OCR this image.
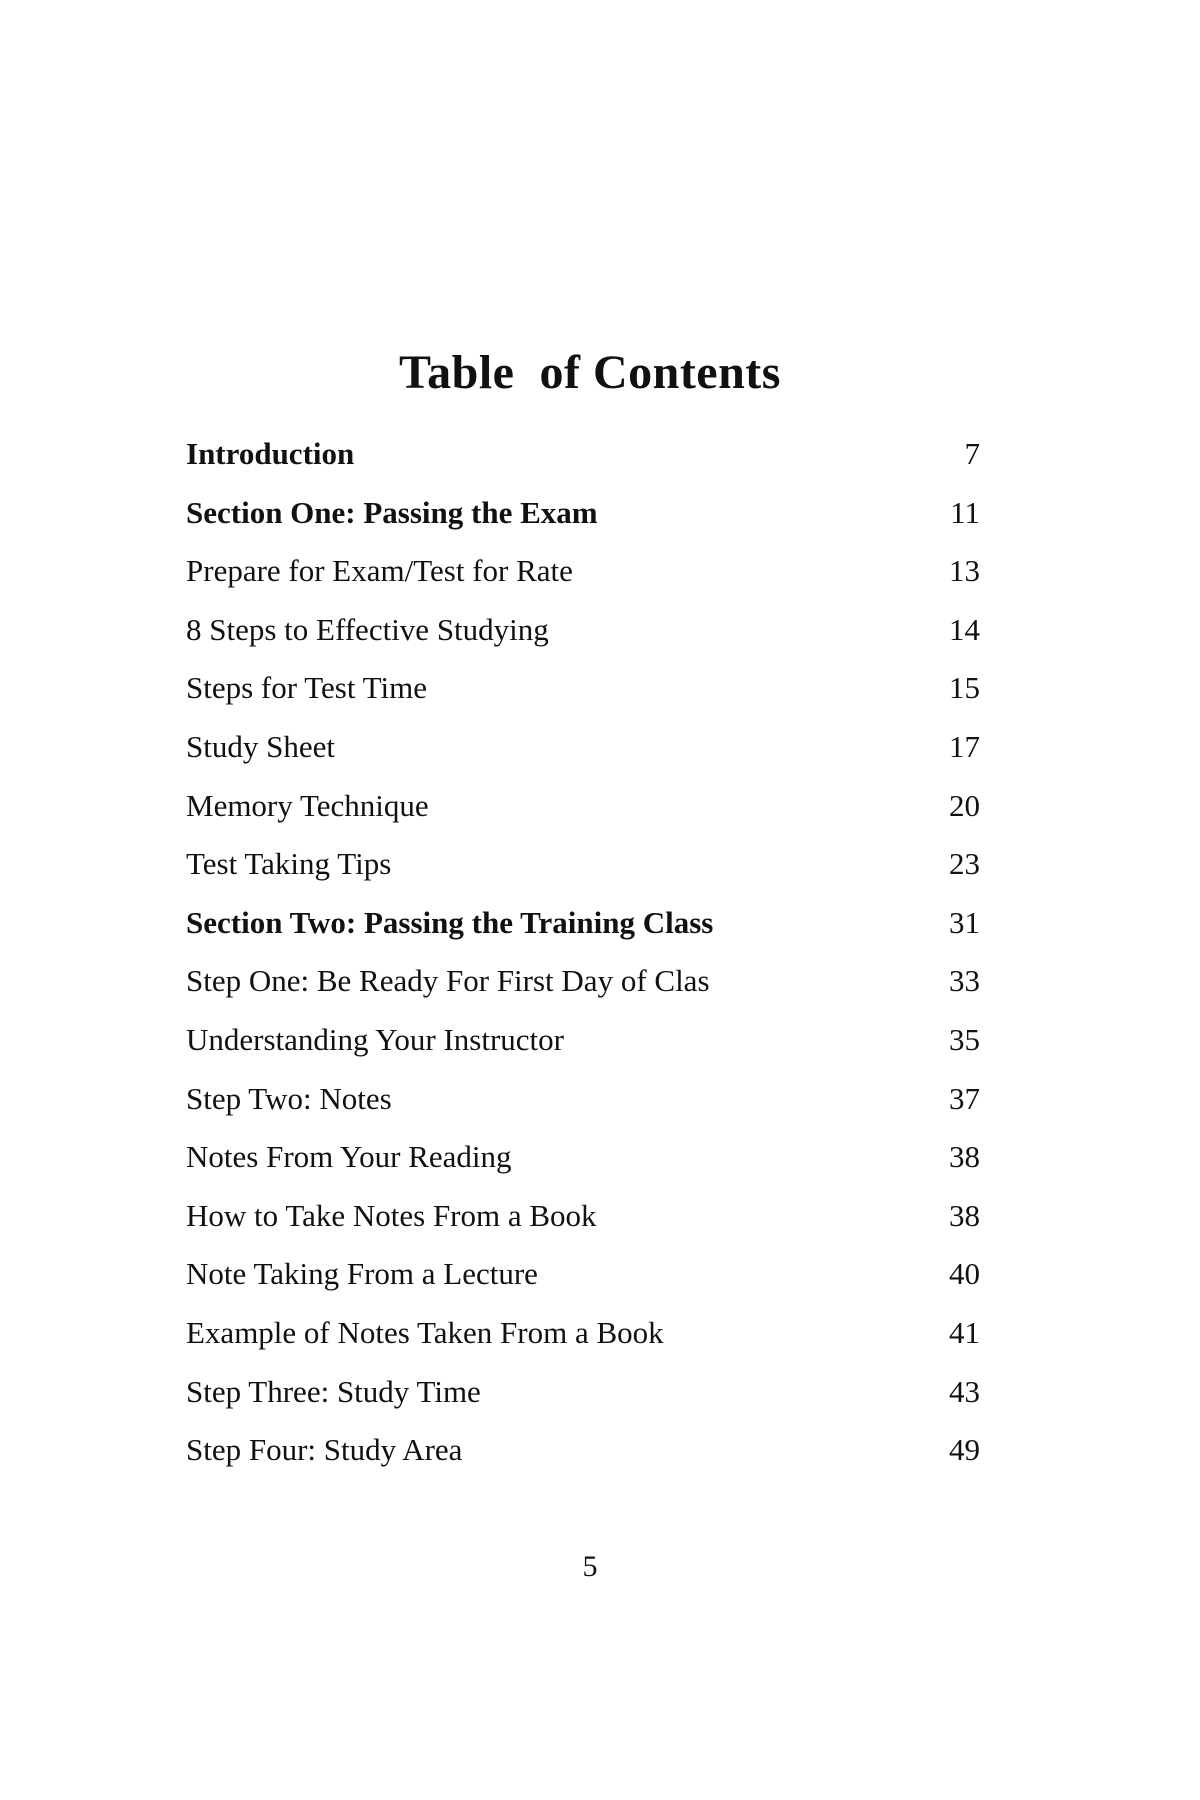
Table  of Contents
Introduction	7
Section One: Passing the Exam	11
Prepare for Exam/Test for Rate	13
8 Steps to Effective Studying	14
Steps for Test Time	15
Study Sheet	17
Memory Technique	20
Test Taking Tips	23
Section Two: Passing the Training Class	31
Step One: Be Ready For First Day of Clas	33
Understanding Your Instructor	35
Step Two: Notes	37
Notes From Your Reading	38
How to Take Notes From a Book	38
Note Taking From a Lecture	40
Example of Notes Taken From a Book	41
Step Three: Study Time	43
Step Four: Study Area	49
5
